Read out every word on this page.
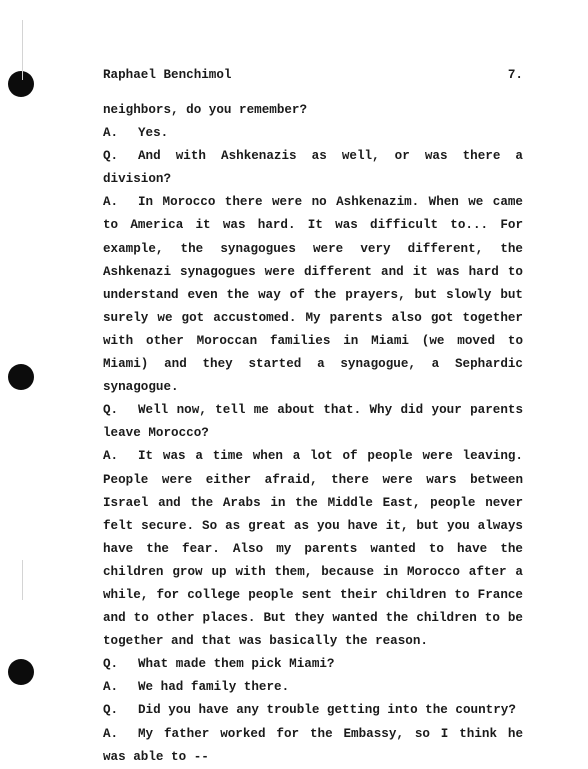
Raphael Benchimol	7.

neighbors, do you remember?

A. Yes.

Q. And with Ashkenazis as well, or was there a division?

A. In Morocco there were no Ashkenazim. When we came to America it was hard. It was difficult to... For example, the synagogues were very different, the Ashkenazi synagogues were different and it was hard to understand even the way of the prayers, but slowly but surely we got accustomed. My parents also got together with other Moroccan families in Miami (we moved to Miami) and they started a synagogue, a Sephardic synagogue.

Q. Well now, tell me about that. Why did your parents leave Morocco?

A. It was a time when a lot of people were leaving. People were either afraid, there were wars between Israel and the Arabs in the Middle East, people never felt secure. So as great as you have it, but you always have the fear. Also my parents wanted to have the children grow up with them, because in Morocco after a while, for college people sent their children to France and to other places. But they wanted the children to be together and that was basically the reason.

Q. What made them pick Miami?

A. We had family there.

Q. Did you have any trouble getting into the country?

A. My father worked for the Embassy, so I think he was able to --
